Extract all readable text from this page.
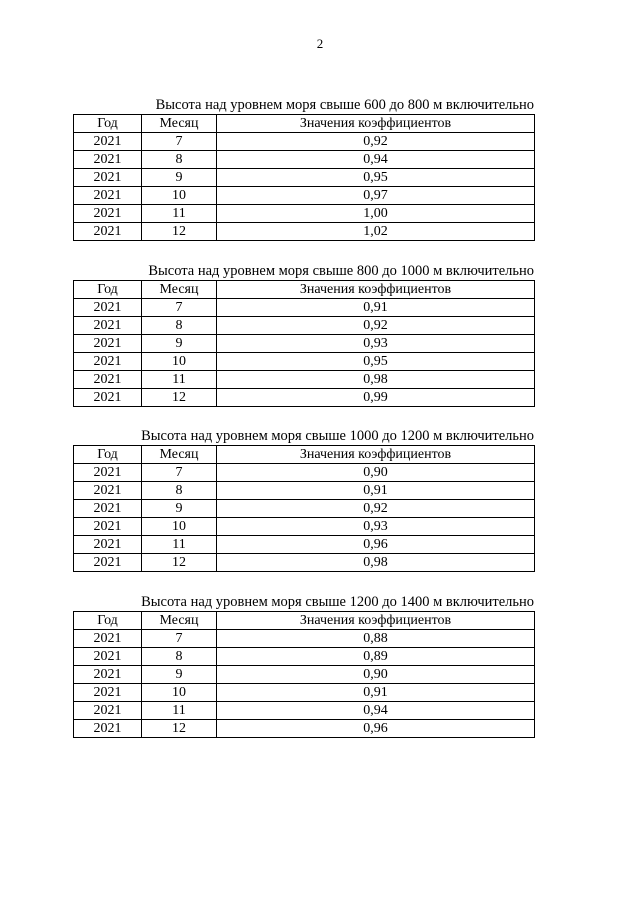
2
Высота над уровнем моря свыше 600 до 800 м включительно
Год	Месяц	Значения коэффициентов
2021	7	0,92
2021	8	0,94
2021	9	0,95
2021	10	0,97
2021	11	1,00
2021	12	1,02
Высота над уровнем моря свыше 800 до 1000 м включительно
Год	Месяц	Значения коэффициентов
2021	7	0,91
2021	8	0,92
2021	9	0,93
2021	10	0,95
2021	11	0,98
2021	12	0,99
Высота над уровнем моря свыше 1000 до 1200 м включительно
Год	Месяц	Значения коэффициентов
2021	7	0,90
2021	8	0,91
2021	9	0,92
2021	10	0,93
2021	11	0,96
2021	12	0,98
Высота над уровнем моря свыше 1200 до 1400 м включительно
Год	Месяц	Значения коэффициентов
2021	7	0,88
2021	8	0,89
2021	9	0,90
2021	10	0,91
2021	11	0,94
2021	12	0,96
